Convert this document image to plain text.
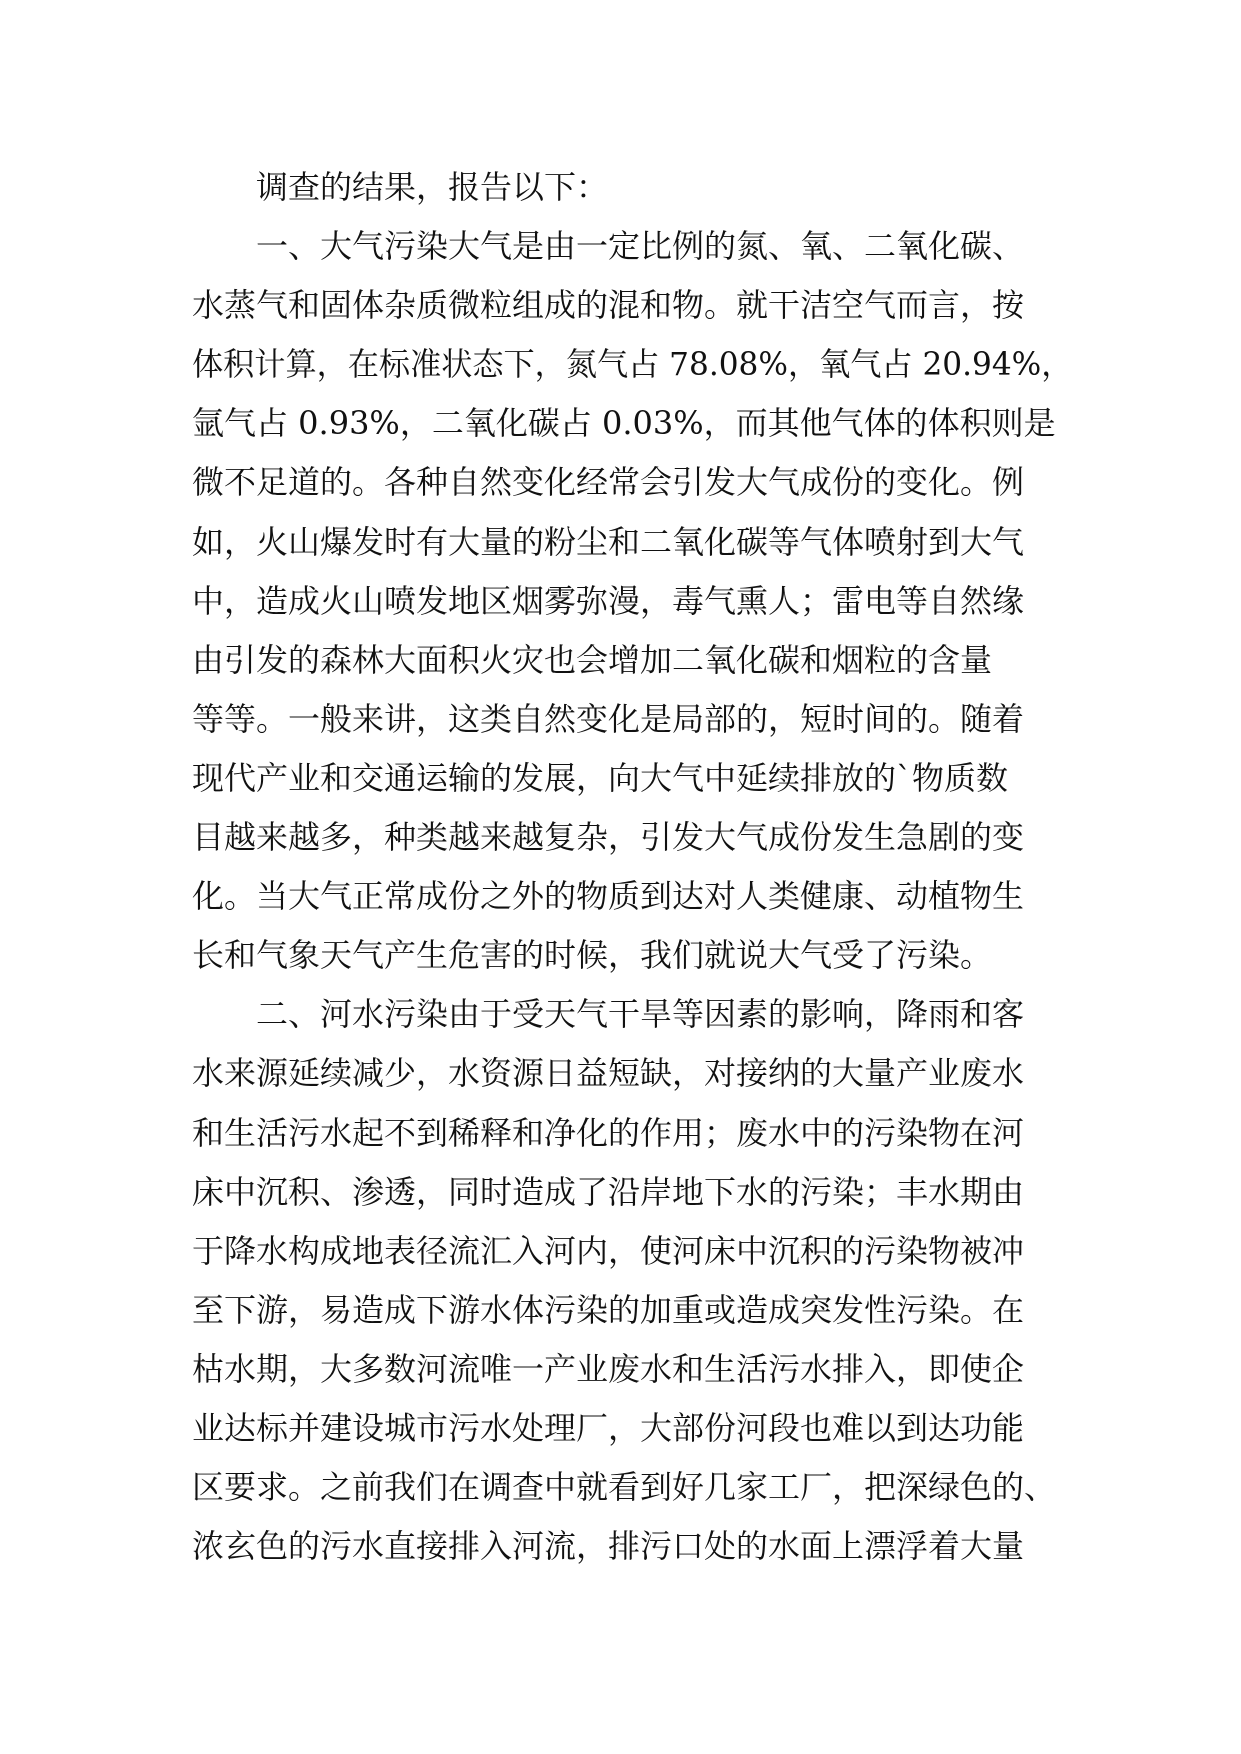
调查的结果，报告以下：
一、大气污染大气是由一定比例的氮、氧、二氧化碳、
水蒸气和固体杂质微粒组成的混和物。就干洁空气而言，按
体积计算，在标准状态下，氮气占 78.08%，氧气占 20.94%，
氩气占 0.93%，二氧化碳占 0.03%，而其他气体的体积则是
微不足道的。各种自然变化经常会引发大气成份的变化。例
如，火山爆发时有大量的粉尘和二氧化碳等气体喷射到大气
中，造成火山喷发地区烟雾弥漫，毒气熏人；雷电等自然缘
由引发的森林大面积火灾也会增加二氧化碳和烟粒的含量
等等。一般来讲，这类自然变化是局部的，短时间的。随着
现代产业和交通运输的发展，向大气中延续排放的`物质数
目越来越多，种类越来越复杂，引发大气成份发生急剧的变
化。当大气正常成份之外的物质到达对人类健康、动植物生
长和气象天气产生危害的时候，我们就说大气受了污染。
二、河水污染由于受天气干旱等因素的影响，降雨和客
水来源延续减少，水资源日益短缺，对接纳的大量产业废水
和生活污水起不到稀释和净化的作用；废水中的污染物在河
床中沉积、渗透，同时造成了沿岸地下水的污染；丰水期由
于降水构成地表径流汇入河内，使河床中沉积的污染物被冲
至下游，易造成下游水体污染的加重或造成突发性污染。在
枯水期，大多数河流唯一产业废水和生活污水排入，即使企
业达标并建设城市污水处理厂，大部份河段也难以到达功能
区要求。之前我们在调查中就看到好几家工厂，把深绿色的、
浓玄色的污水直接排入河流，排污口处的水面上漂浮着大量
